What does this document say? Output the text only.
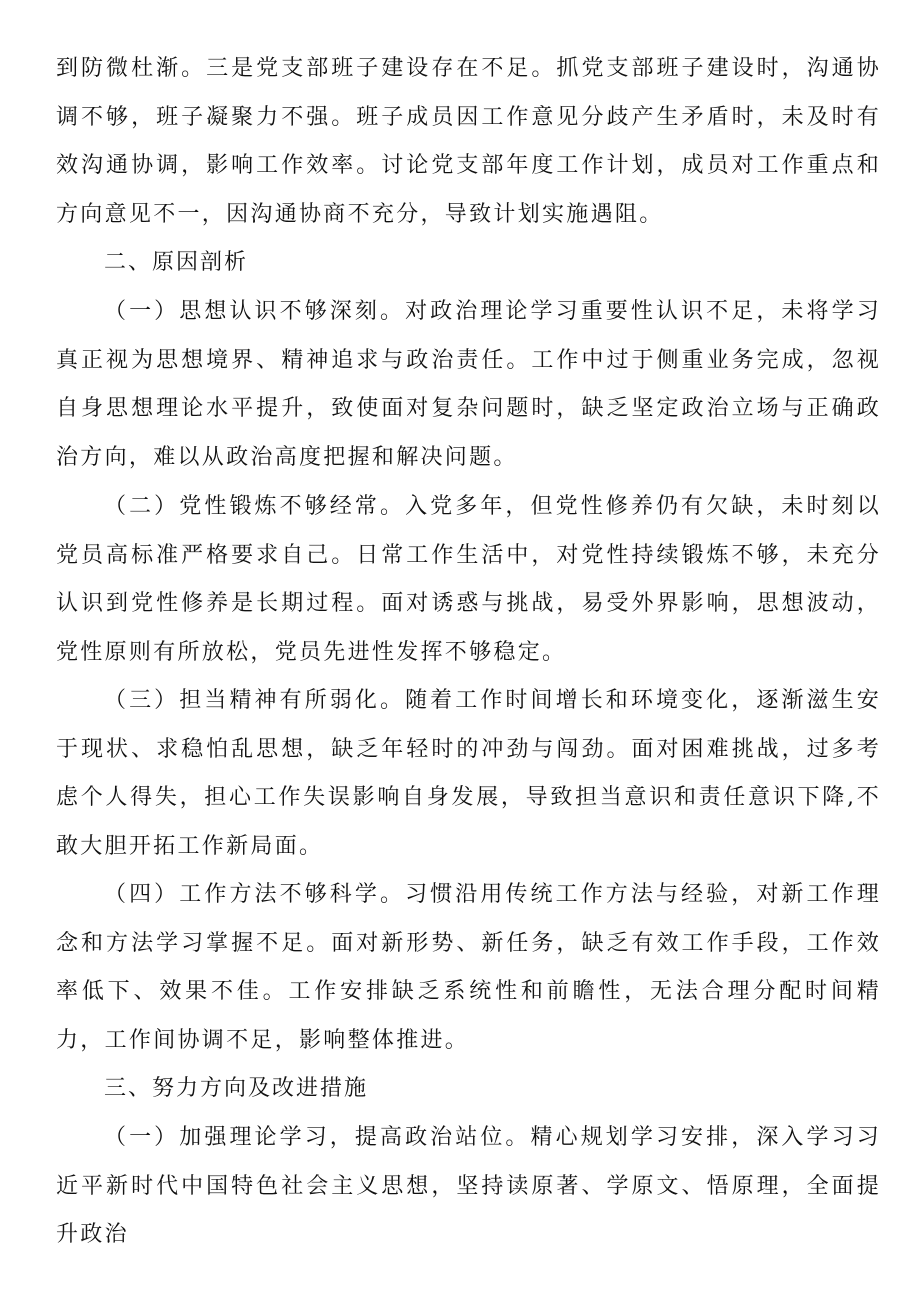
到防微杜渐。三是党支部班子建设存在不足。抓党支部班子建设时，沟通协调不够，班子凝聚力不强。班子成员因工作意见分歧产生矛盾时，未及时有效沟通协调，影响工作效率。讨论党支部年度工作计划，成员对工作重点和方向意见不一，因沟通协商不充分，导致计划实施遇阻。

二、原因剖析

（一）思想认识不够深刻。对政治理论学习重要性认识不足，未将学习真正视为思想境界、精神追求与政治责任。工作中过于侧重业务完成，忽视自身思想理论水平提升，致使面对复杂问题时，缺乏坚定政治立场与正确政治方向，难以从政治高度把握和解决问题。

（二）党性锻炼不够经常。入党多年，但党性修养仍有欠缺，未时刻以党员高标准严格要求自己。日常工作生活中，对党性持续锻炼不够，未充分认识到党性修养是长期过程。面对诱惑与挑战，易受外界影响，思想波动，党性原则有所放松，党员先进性发挥不够稳定。

（三）担当精神有所弱化。随着工作时间增长和环境变化，逐渐滋生安于现状、求稳怕乱思想，缺乏年轻时的冲劲与闯劲。面对困难挑战，过多考虑个人得失，担心工作失误影响自身发展，导致担当意识和责任意识下降,不敢大胆开拓工作新局面。

（四）工作方法不够科学。习惯沿用传统工作方法与经验，对新工作理念和方法学习掌握不足。面对新形势、新任务，缺乏有效工作手段，工作效率低下、效果不佳。工作安排缺乏系统性和前瞻性，无法合理分配时间精力，工作间协调不足，影响整体推进。

三、努力方向及改进措施

（一）加强理论学习，提高政治站位。精心规划学习安排，深入学习习近平新时代中国特色社会主义思想，坚持读原著、学原文、悟原理，全面提升政治
